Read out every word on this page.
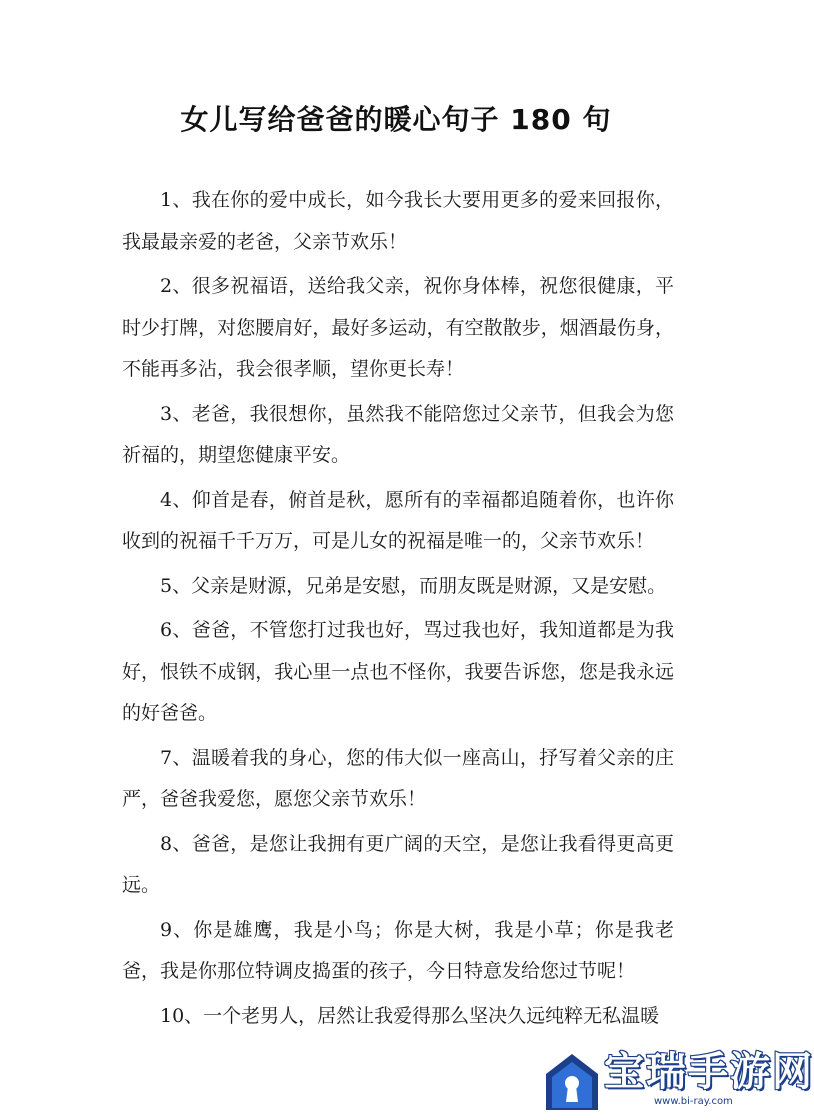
女儿写给爸爸的暖心句子 180 句

1、我在你的爱中成长，如今我长大要用更多的爱来回报你，我最最亲爱的老爸，父亲节欢乐！

2、很多祝福语，送给我父亲，祝你身体棒，祝您很健康，平时少打牌，对您腰肩好，最好多运动，有空散散步，烟酒最伤身，不能再多沾，我会很孝顺，望你更长寿！

3、老爸，我很想你，虽然我不能陪您过父亲节，但我会为您祈福的，期望您健康平安。

4、仰首是春，俯首是秋，愿所有的幸福都追随着你，也许你收到的祝福千千万万，可是儿女的祝福是唯一的，父亲节欢乐！

5、父亲是财源，兄弟是安慰，而朋友既是财源，又是安慰。

6、爸爸，不管您打过我也好，骂过我也好，我知道都是为我好，恨铁不成钢，我心里一点也不怪你，我要告诉您，您是我永远的好爸爸。

7、温暖着我的身心，您的伟大似一座高山，抒写着父亲的庄严，爸爸我爱您，愿您父亲节欢乐！

8、爸爸，是您让我拥有更广阔的天空，是您让我看得更高更远。

9、你是雄鹰，我是小鸟；你是大树，我是小草；你是我老爸，我是你那位特调皮捣蛋的孩子，今日特意发给您过节呢！

10、一个老男人，居然让我爱得那么坚决久远纯粹无私温暖

宝瑞手游网
www.bi-ray.com
